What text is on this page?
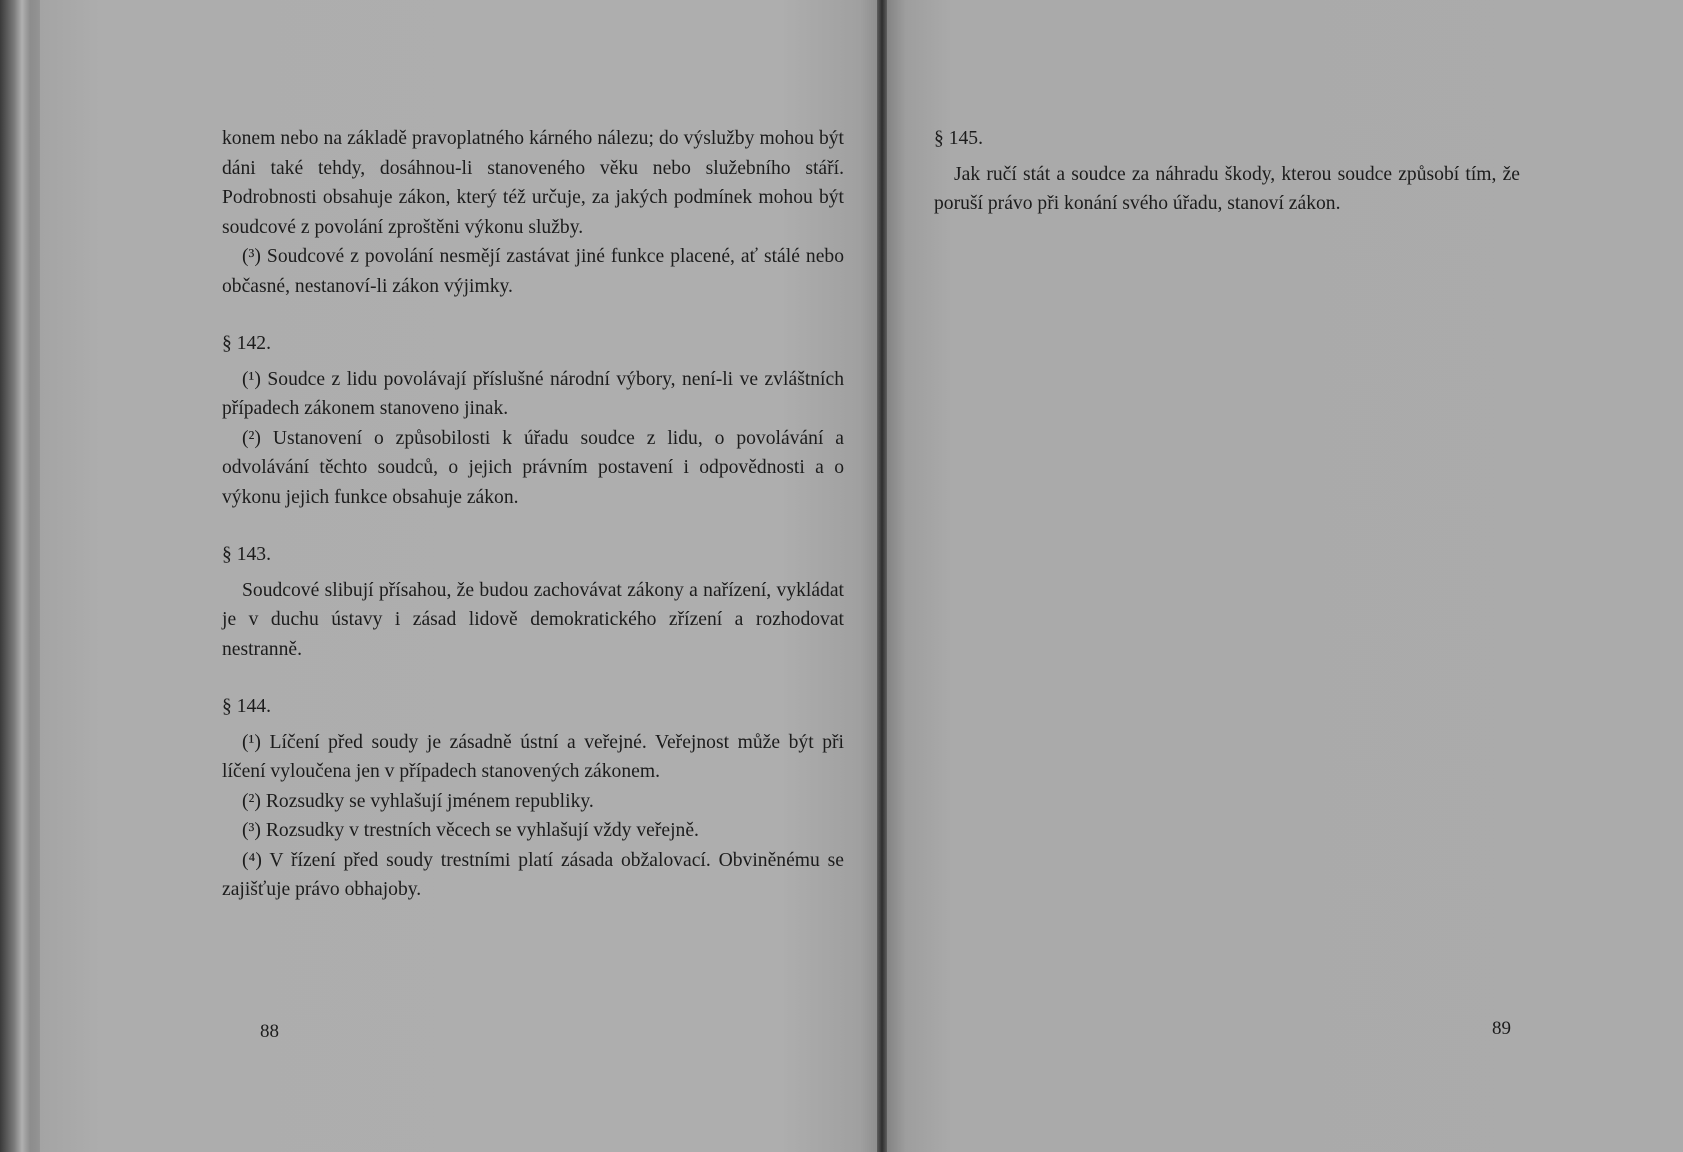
konem nebo na základě pravoplatného kárného nálezu; do výslužby mohou být dáni také tehdy, dosáhnou-li stanoveného věku nebo služebního stáří. Podrobnosti obsahuje zákon, který též určuje, za jakých podmínek mohou být soudcové z povolání zproštěni výkonu služby.

(³) Soudcové z povolání nesmějí zastávat jiné funkce placené, ať stálé nebo občasné, nestanoví-li zákon výjimky.

§ 142.

(¹) Soudce z lidu povolávají příslušné národní výbory, není-li ve zvláštních případech zákonem stanoveno jinak.

(²) Ustanovení o způsobilosti k úřadu soudce z lidu, o povolávání a odvolávání těchto soudců, o jejich právním postavení i odpovědnosti a o výkonu jejich funkce obsahuje zákon.

§ 143.

Soudcové slibují přísahou, že budou zachovávat zákony a nařízení, vykládat je v duchu ústavy i zásad lidově demokratického zřízení a rozhodovat nestranně.

§ 144.

(¹) Líčení před soudy je zásadně ústní a veřejné. Veřejnost může být při líčení vyloučena jen v případech stanovených zákonem.

(²) Rozsudky se vyhlašují jménem republiky.

(³) Rozsudky v trestních věcech se vyhlašují vždy veřejně.

(⁴) V řízení před soudy trestními platí zásada obžalovací. Obviněnému se zajišťuje právo obhajoby.

88

§ 145.

Jak ručí stát a soudce za náhradu škody, kterou soudce způsobí tím, že poruší právo při konání svého úřadu, stanoví zákon.

89
